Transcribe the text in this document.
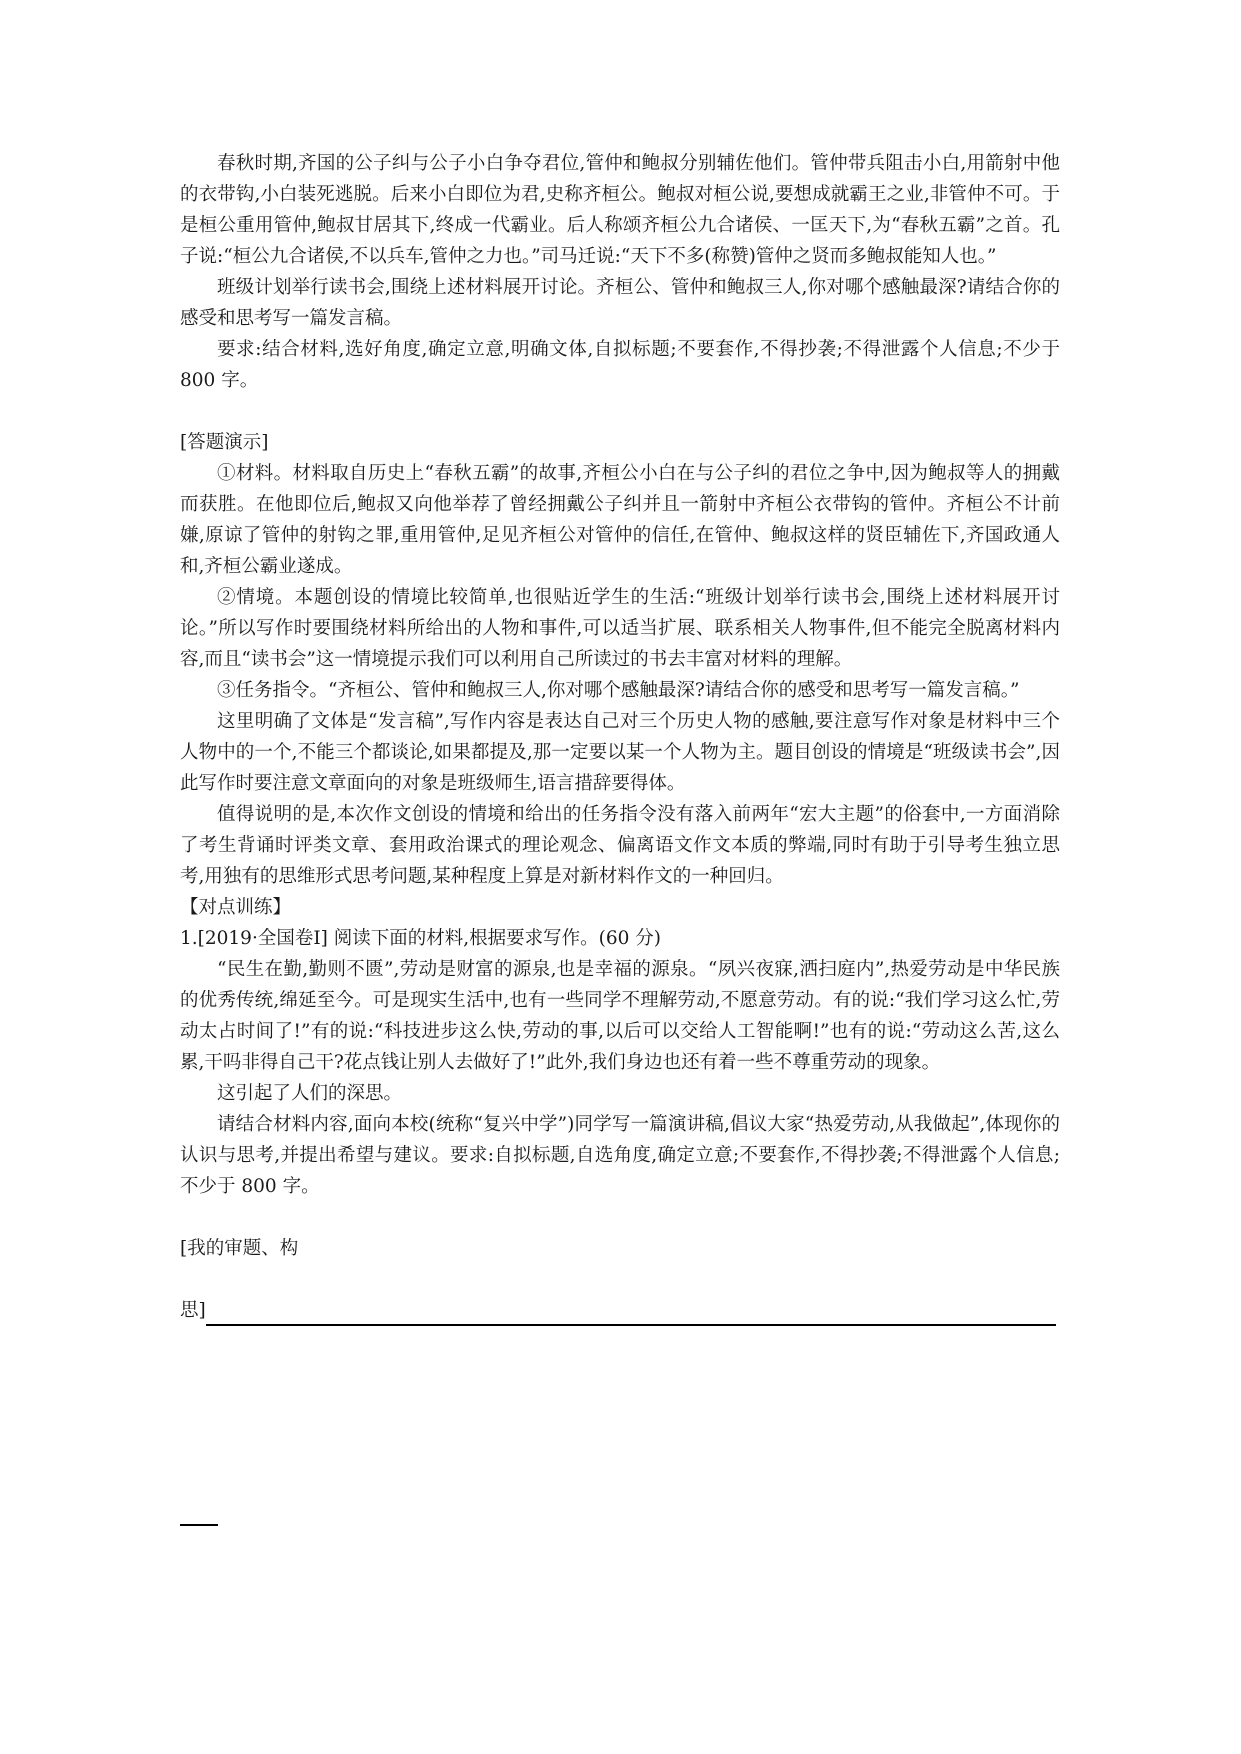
春秋时期,齐国的公子纠与公子小白争夺君位,管仲和鲍叔分别辅佐他们。管仲带兵阻击小白,用箭射中他的衣带钩,小白装死逃脱。后来小白即位为君,史称齐桓公。鲍叔对桓公说,要想成就霸王之业,非管仲不可。于是桓公重用管仲,鲍叔甘居其下,终成一代霸业。后人称颂齐桓公九合诸侯、一匡天下,为“春秋五霸”之首。孔子说:“桓公九合诸侯,不以兵车,管仲之力也。”司马迁说:“天下不多(称赞)管仲之贤而多鲍叔能知人也。”

班级计划举行读书会,围绕上述材料展开讨论。齐桓公、管仲和鲍叔三人,你对哪个感触最深?请结合你的感受和思考写一篇发言稿。

要求:结合材料,选好角度,确定立意,明确文体,自拟标题;不要套作,不得抄袭;不得泄露个人信息;不少于 800 字。

[答题演示]

①材料。材料取自历史上“春秋五霸”的故事,齐桓公小白在与公子纠的君位之争中,因为鲍叔等人的拥戴而获胜。在他即位后,鲍叔又向他举荐了曾经拥戴公子纠并且一箭射中齐桓公衣带钩的管仲。齐桓公不计前嫌,原谅了管仲的射钩之罪,重用管仲,足见齐桓公对管仲的信任,在管仲、鲍叔这样的贤臣辅佐下,齐国政通人和,齐桓公霸业遂成。

②情境。本题创设的情境比较简单,也很贴近学生的生活:“班级计划举行读书会,围绕上述材料展开讨论。”所以写作时要围绕材料所给出的人物和事件,可以适当扩展、联系相关人物事件,但不能完全脱离材料内容,而且“读书会”这一情境提示我们可以利用自己所读过的书去丰富对材料的理解。

③任务指令。“齐桓公、管仲和鲍叔三人,你对哪个感触最深?请结合你的感受和思考写一篇发言稿。”

这里明确了文体是“发言稿”,写作内容是表达自己对三个历史人物的感触,要注意写作对象是材料中三个人物中的一个,不能三个都谈论,如果都提及,那一定要以某一个人物为主。题目创设的情境是“班级读书会”,因此写作时要注意文章面向的对象是班级师生,语言措辞要得体。

值得说明的是,本次作文创设的情境和给出的任务指令没有落入前两年“宏大主题”的俗套中,一方面消除了考生背诵时评类文章、套用政治课式的理论观念、偏离语文作文本质的弊端,同时有助于引导考生独立思考,用独有的思维形式思考问题,某种程度上算是对新材料作文的一种回归。

【对点训练】

1.[2019·全国卷Ⅰ] 阅读下面的材料,根据要求写作。(60 分)

“民生在勤,勤则不匮”,劳动是财富的源泉,也是幸福的源泉。“夙兴夜寐,洒扫庭内”,热爱劳动是中华民族的优秀传统,绵延至今。可是现实生活中,也有一些同学不理解劳动,不愿意劳动。有的说:“我们学习这么忙,劳动太占时间了!”有的说:“科技进步这么快,劳动的事,以后可以交给人工智能啊!”也有的说:“劳动这么苦,这么累,干吗非得自己干?花点钱让别人去做好了!”此外,我们身边也还有着一些不尊重劳动的现象。

这引起了人们的深思。

请结合材料内容,面向本校(统称“复兴中学”)同学写一篇演讲稿,倡议大家“热爱劳动,从我做起”,体现你的认识与思考,并提出希望与建议。要求:自拟标题,自选角度,确定立意;不要套作,不得抄袭;不得泄露个人信息;不少于 800 字。

[我的审题、构

思]
